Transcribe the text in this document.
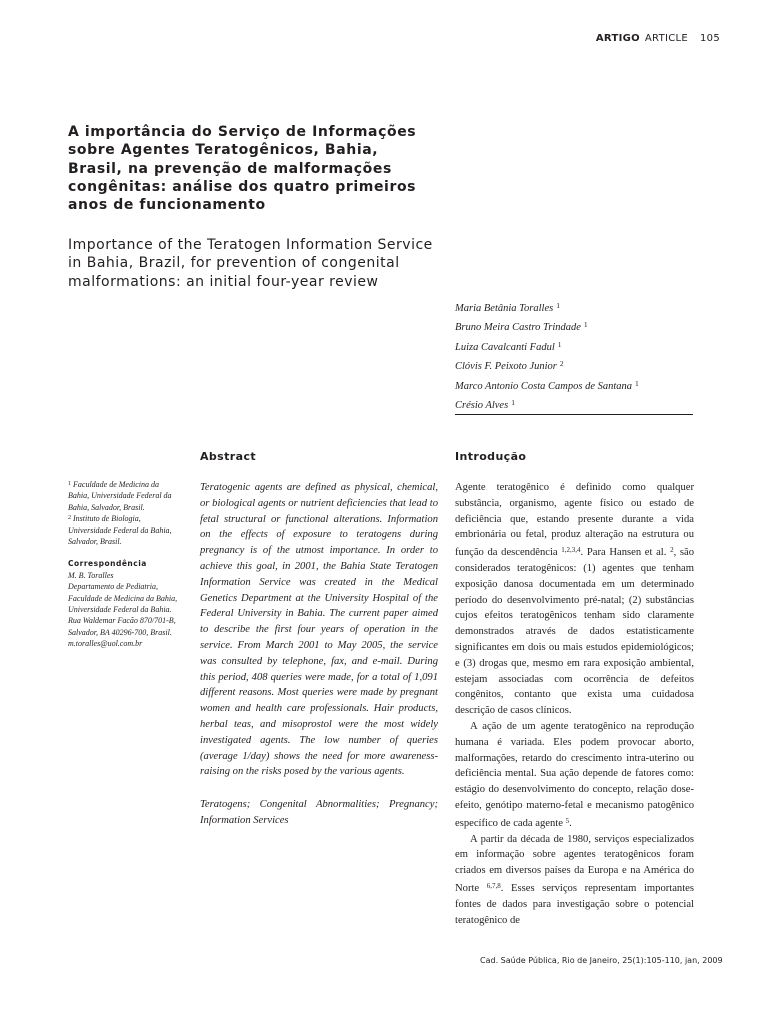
ARTIGO ARTICLE 105
A importância do Serviço de Informações sobre Agentes Teratogênicos, Bahia, Brasil, na prevenção de malformações congênitas: análise dos quatro primeiros anos de funcionamento
Importance of the Teratogen Information Service in Bahia, Brazil, for prevention of congenital malformations: an initial four-year review
Maria Betânia Toralles $^1$
Bruno Meira Castro Trindade $^1$
Luiza Cavalcanti Fadul $^1$
Clóvis F. Peixoto Junior $^2$
Marco Antonio Costa Campos de Santana $^1$
Crésio Alves $^1$
Abstract	Introdução

$^1$ Faculdade de Medicina da Bahia, Universidade Federal da Bahia, Salvador, Brasil.

$^2$ Instituto de Biologia, Universidade Federal da Bahia, Salvador, Brasil.

Correspondência

M. B. Toralles

Departamento de Pediatria, Faculdade de Medicina da Bahia, Universidade Federal da Bahia.

Rua Waldemar Facão 870/701-B, Salvador, BA 40296-700, Brasil.

m.toralles@uol.com.br

Teratogenic agents are defined as physical, chemical, or biological agents or nutrient deficiencies that lead to fetal structural or functional alterations. Information on the effects of exposure to teratogens during pregnancy is of the utmost importance. In order to achieve this goal, in 2001, the Bahia State Teratogen Information Service was created in the Medical Genetics Department at the University Hospital of the Federal University in Bahia. The current paper aimed to describe the first four years of operation in the service. From March 2001 to May 2005, the service was consulted by telephone, fax, and e-mail. During this period, 408 queries were made, for a total of 1,091 different reasons. Most queries were made by pregnant women and health care professionals. Hair products, herbal teas, and misoprostol were the most widely investigated agents. The low number of queries (average 1/day) shows the need for more awareness-raising on the risks posed by the various agents.

Teratogens; Congenital Abnormalities; Pregnancy; Information Services

Agente teratogênico é definido como qualquer substância, organismo, agente físico ou estado de deficiência que, estando presente durante a vida embrionária ou fetal, produz alteração na estrutura ou função da descendência $^{1,2,3,4}$. Para Hansen et al. $^2$, são considerados teratogênicos: (1) agentes que tenham exposição danosa documentada em um determinado período do desenvolvimento pré-natal; (2) substâncias cujos efeitos teratogênicos tenham sido claramente demonstrados através de dados estatisticamente significantes em dois ou mais estudos epidemiológicos; e (3) drogas que, mesmo em rara exposição ambiental, estejam associadas com ocorrência de defeitos congênitos, contanto que exista uma cuidadosa descrição de casos clínicos.

A ação de um agente teratogênico na reprodução humana é variada. Eles podem provocar aborto, malformações, retardo do crescimento intra-uterino ou deficiência mental. Sua ação depende de fatores como: estágio do desenvolvimento do concepto, relação dose-efeito, genótipo materno-fetal e mecanismo patogênico específico de cada agente $^5$.

A partir da década de 1980, serviços especializados em informação sobre agentes teratogênicos foram criados em diversos países da Europa e na América do Norte $^{6,7,8}$. Esses serviços representam importantes fontes de dados para investigação sobre o potencial teratogênico de

Cad. Saúde Pública, Rio de Janeiro, 25(1):105-110, jan, 2009
